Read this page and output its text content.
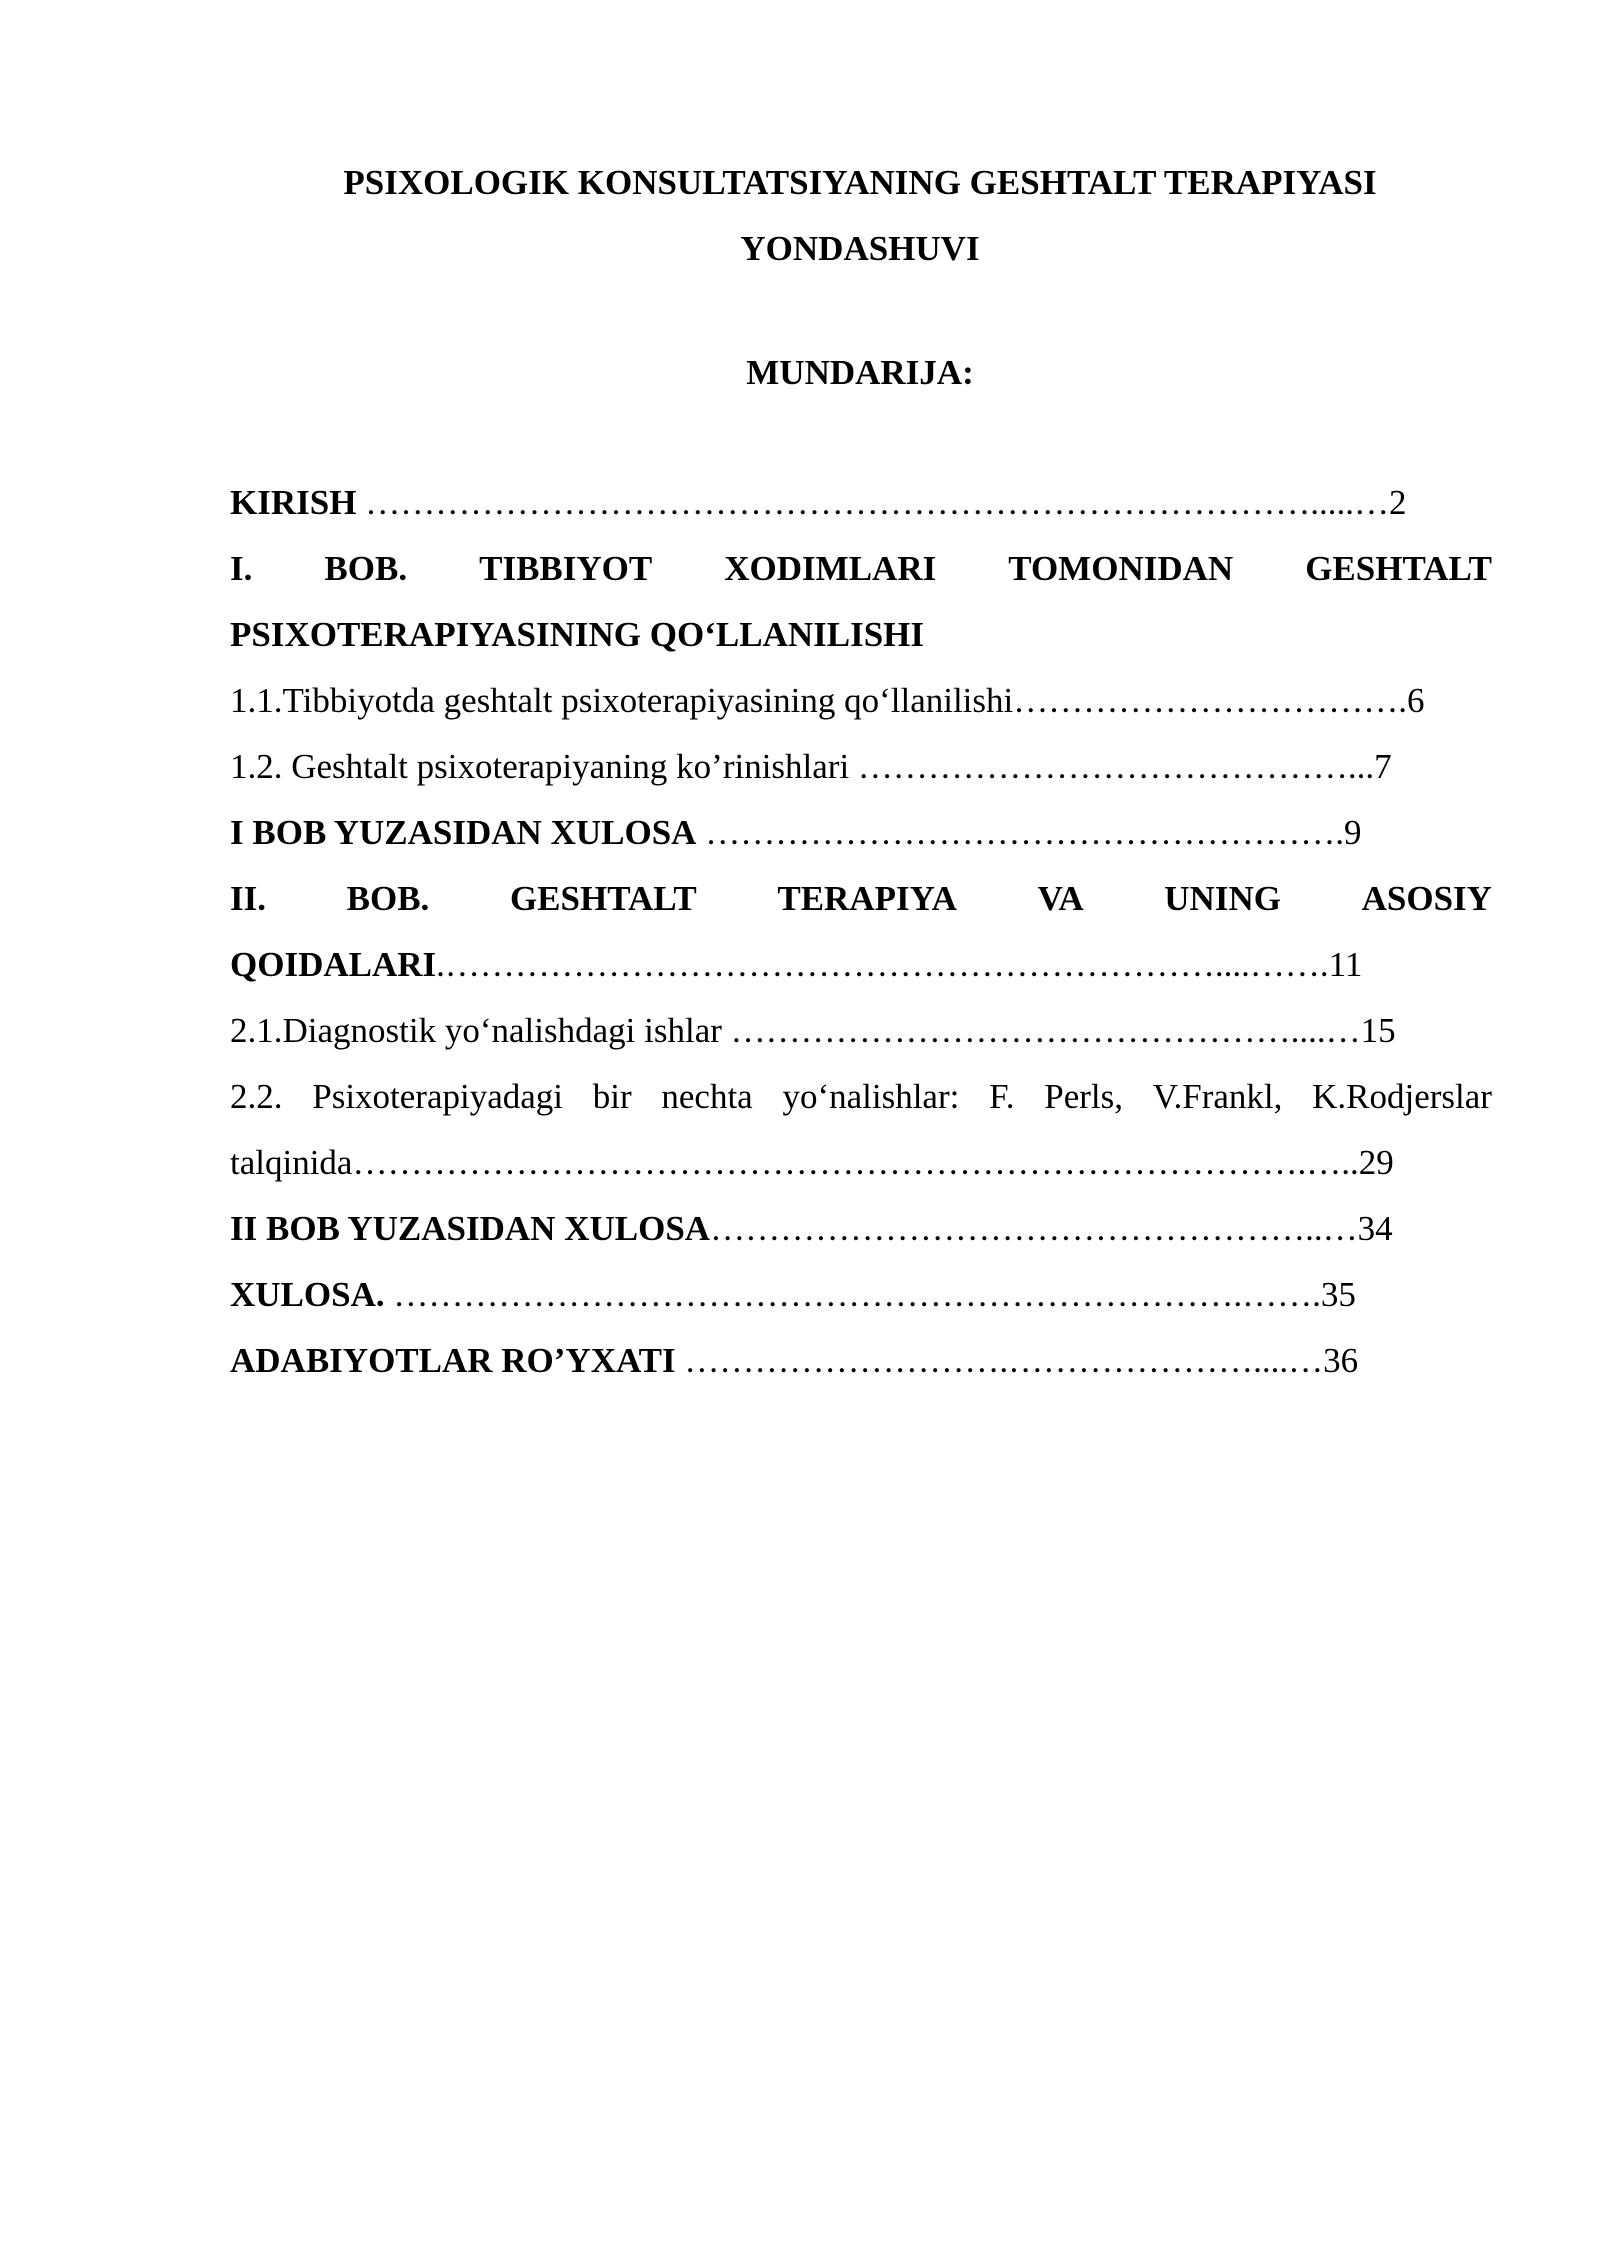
PSIXOLOGIK KONSULTATSIYANING GESHTALT TERAPIYASI
YONDASHUVI
MUNDARIJA:
KIRISH ……………………………………………………………………….....…2
I. BOB. TIBBIYOT XODIMLARI TOMONIDAN GESHTALT
PSIXOTERAPIYASINING QO‘LLANILISHI
1.1.Tibbiyotda geshtalt psixoterapiyasining qo‘llanilishi…………………………….6
1.2. Geshtalt psixoterapiyaning ko’rinishlari ……………………………………...7
I BOB YUZASIDAN XULOSA ……………………………………………….9
II. BOB. GESHTALT TERAPIYA VA UNING ASOSIY
QOIDALARI.…………………………………………………………....…….11
2.1.Diagnostik yo‘nalishdagi ishlar …………………………………………....…15
2.2. Psixoterapiyadagi bir nechta yo‘nalishlar: F. Perls, V.Frankl, K.Rodjerslar
talqinida……………………………………………………………………….…..29
II BOB YUZASIDAN XULOSA……………………………………………..…34
XULOSA. ……………………………………………………………….…….35
ADABIYOTLAR RO’YXATI ……………………….…………………....…36
